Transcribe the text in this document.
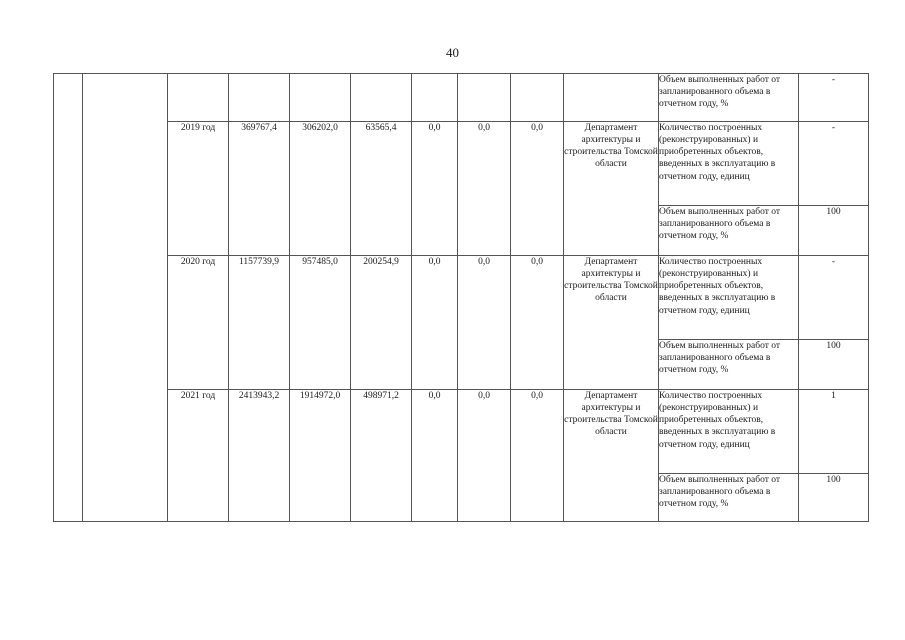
40
										Объем выполненных работ от запланированного объема в отчетном году, %	-
		2019 год	369767,4	306202,0	63565,4	0,0	0,0	0,0	Департамент архитектуры и строительства Томской области	Количество построенных (реконструированных) и приобретенных объектов, введенных в эксплуатацию в отчетном году, единиц	-
										Объем выполненных работ от запланированного объема в отчетном году, %	100
		2020 год	1157739,9	957485,0	200254,9	0,0	0,0	0,0	Департамент архитектуры и строительства Томской области	Количество построенных (реконструированных) и приобретенных объектов, введенных в эксплуатацию в отчетном году, единиц	-
										Объем выполненных работ от запланированного объема в отчетном году, %	100
		2021 год	2413943,2	1914972,0	498971,2	0,0	0,0	0,0	Департамент архитектуры и строительства Томской области	Количество построенных (реконструированных) и приобретенных объектов, введенных в эксплуатацию в отчетном году, единиц	1
										Объем выполненных работ от запланированного объема в отчетном году, %	100
